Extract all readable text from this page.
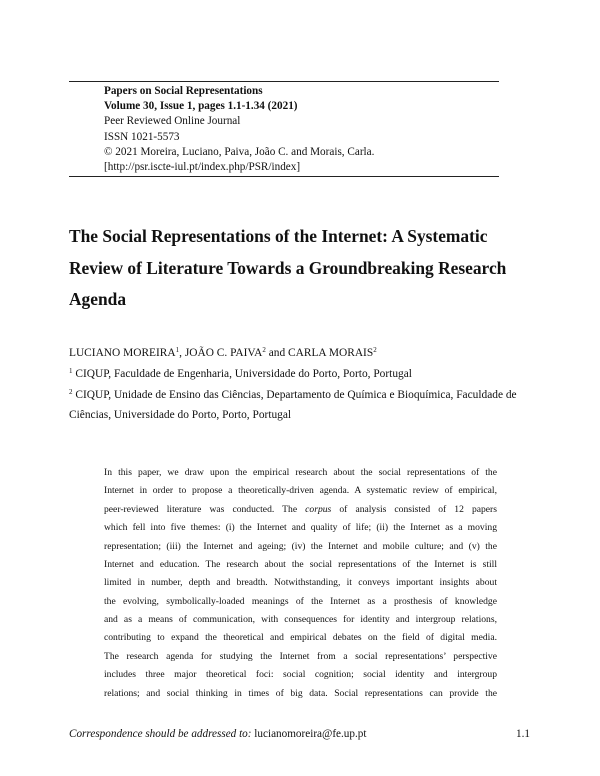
Papers on Social Representations
Volume 30, Issue 1, pages 1.1-1.34 (2021)
Peer Reviewed Online Journal
ISSN 1021-5573
© 2021 Moreira, Luciano, Paiva, João C. and Morais, Carla.
[http://psr.iscte-iul.pt/index.php/PSR/index]
The Social Representations of the Internet: A Systematic
Review of Literature Towards a Groundbreaking Research
Agenda
LUCIANO MOREIRA$^1$, JOÃO C. PAIVA$^2$ and CARLA MORAIS$^2$
$^1$ CIQUP, Faculdade de Engenharia, Universidade do Porto, Porto, Portugal
$^2$ CIQUP, Unidade de Ensino das Ciências, Departamento de Química e Bioquímica, Faculdade de Ciências, Universidade do Porto, Porto, Portugal
In this paper, we draw upon the empirical research about the social representations of the
Internet in order to propose a theoretically-driven agenda. A systematic review of empirical,
peer-reviewed literature was conducted. The corpus of analysis consisted of 12 papers
which fell into five themes: (i) the Internet and quality of life; (ii) the Internet as a moving
representation; (iii) the Internet and ageing; (iv) the Internet and mobile culture; and (v) the
Internet and education. The research about the social representations of the Internet is still
limited in number, depth and breadth. Notwithstanding, it conveys important insights about
the evolving, symbolically-loaded meanings of the Internet as a prosthesis of knowledge
and as a means of communication, with consequences for identity and intergroup relations,
contributing to expand the theoretical and empirical debates on the field of digital media.
The research agenda for studying the Internet from a social representations’ perspective
includes three major theoretical foci: social cognition; social identity and intergroup
relations; and social thinking in times of big data. Social representations can provide the
Correspondence should be addressed to: lucianomoreira@fe.up.pt	1.1
